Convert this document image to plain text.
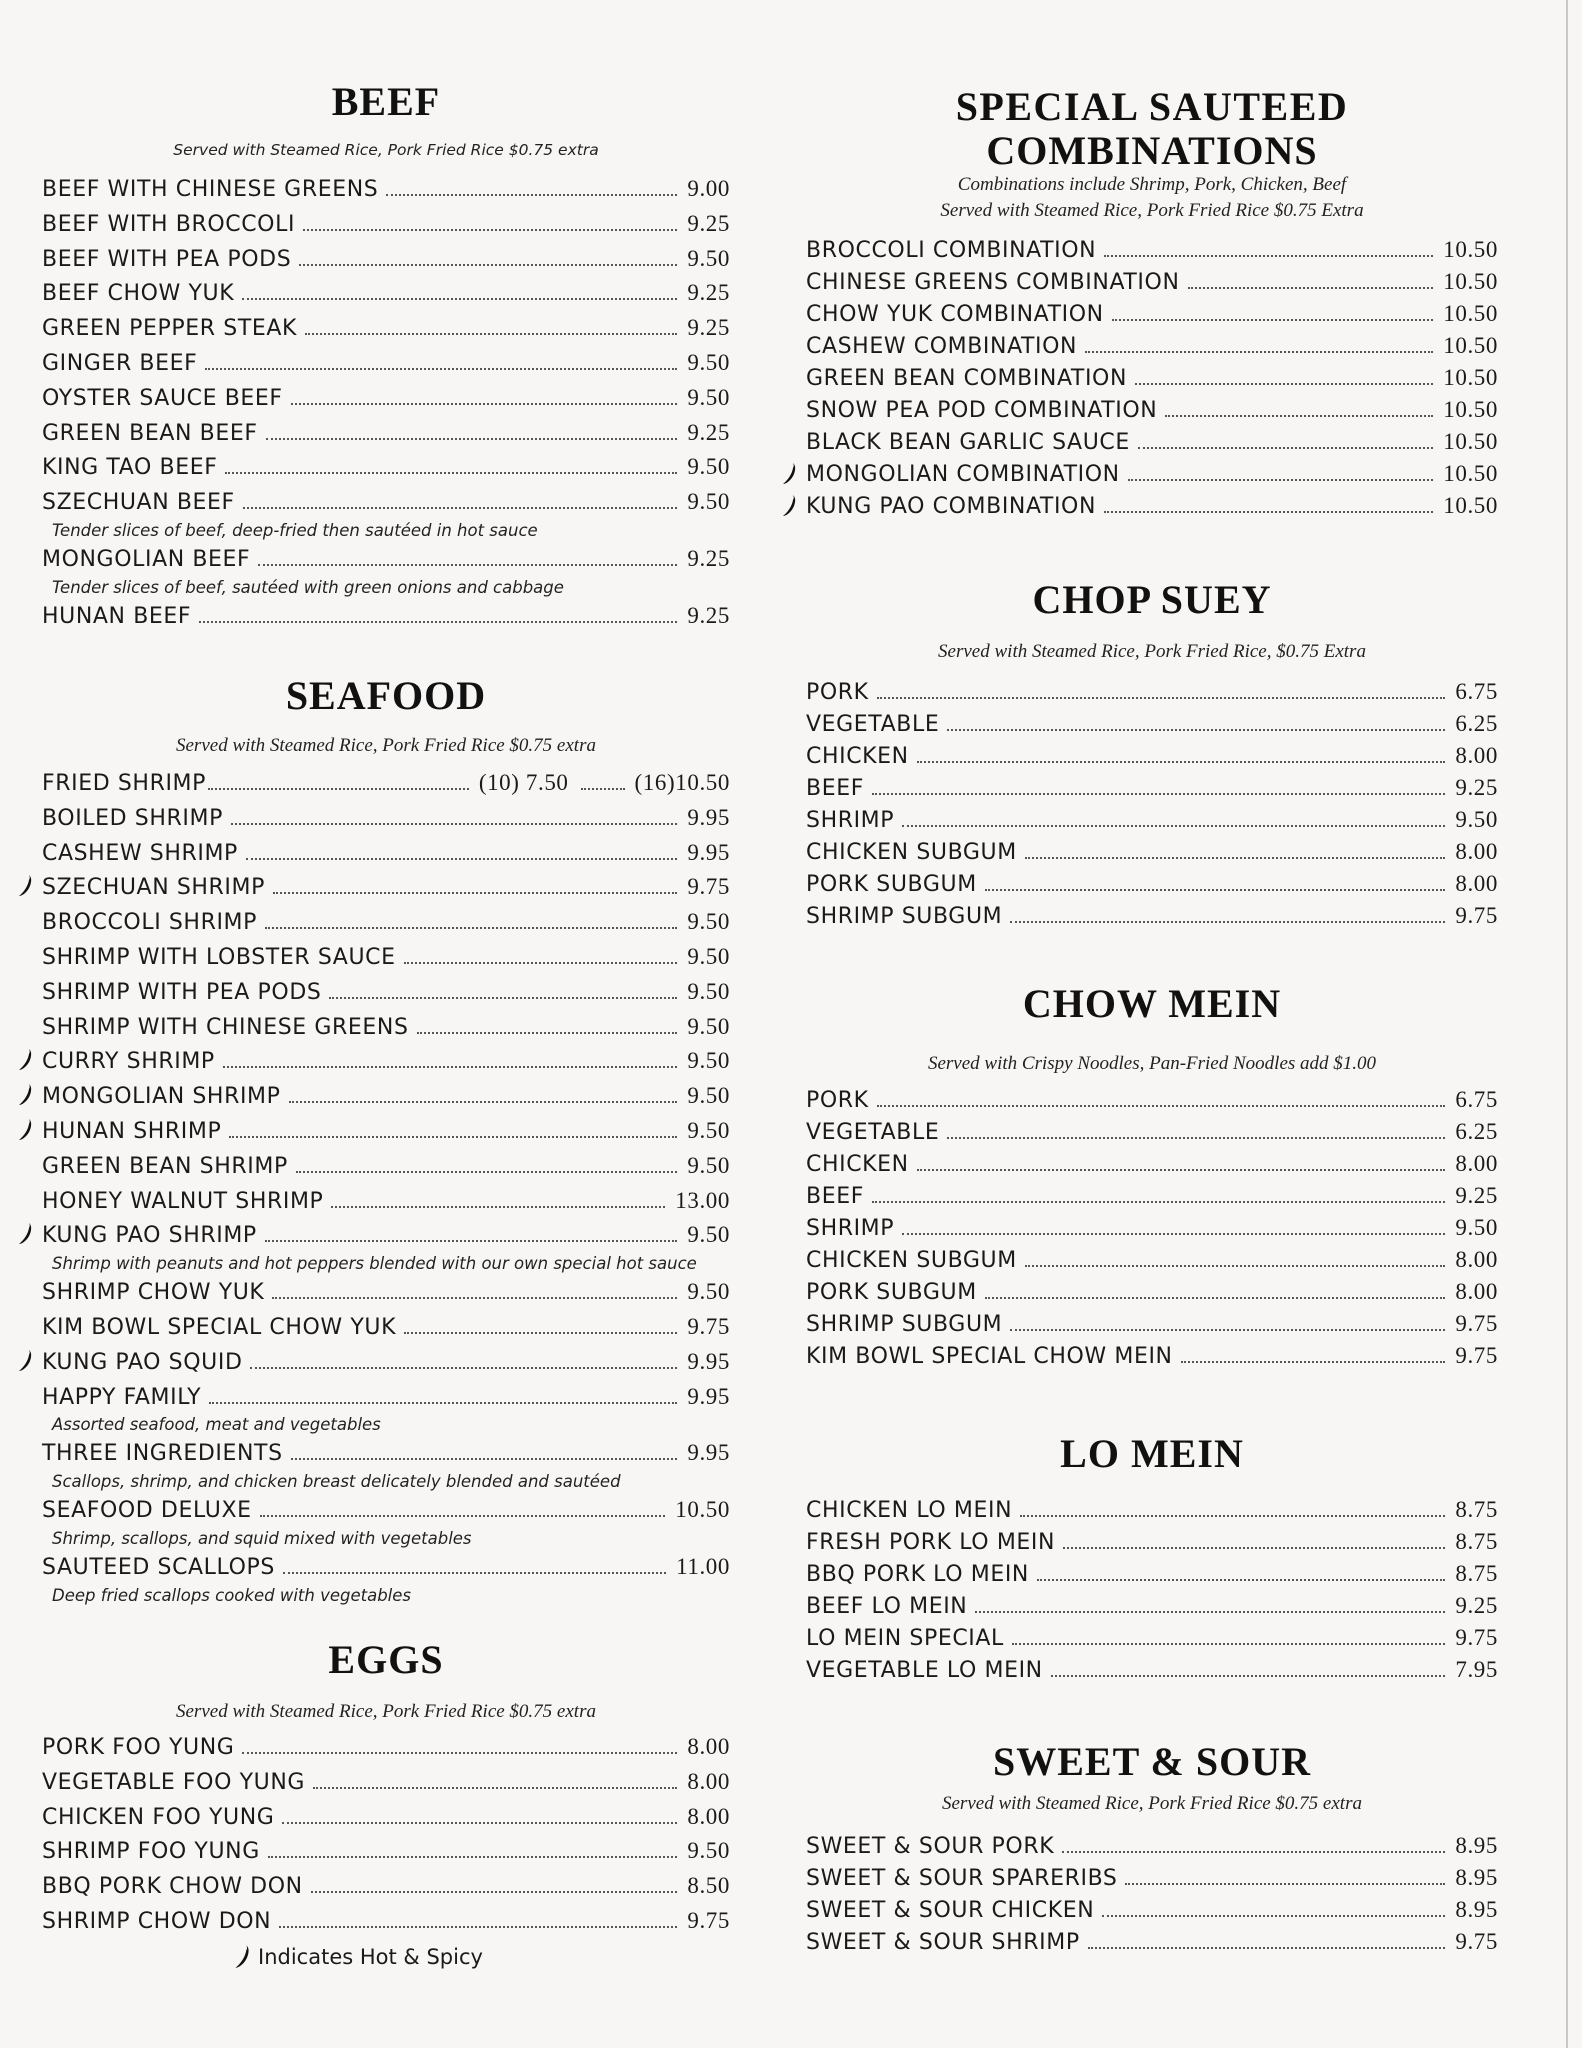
BEEF

Served with Steamed Rice, Pork Fried Rice $0.75 extra

BEEF WITH CHINESE GREENS	9.00
BEEF WITH BROCCOLI	9.25
BEEF WITH PEA PODS	9.50
BEEF CHOW YUK	9.25
GREEN PEPPER STEAK	9.25
GINGER BEEF	9.50
OYSTER SAUCE BEEF	9.50
GREEN BEAN BEEF	9.25
KING TAO BEEF	9.50
SZECHUAN BEEF	9.50
Tender slices of beef, deep-fried then sautéed in hot sauce
MONGOLIAN BEEF	9.25
Tender slices of beef, sautéed with green onions and cabbage
HUNAN BEEF	9.25
SEAFOOD

Served with Steamed Rice, Pork Fried Rice $0.75 extra

FRIED SHRIMP	(10) 7.50	(16)10.50
BOILED SHRIMP	9.95
CASHEW SHRIMP	9.95
SZECHUAN SHRIMP	9.75
BROCCOLI SHRIMP	9.50
SHRIMP WITH LOBSTER SAUCE	9.50
SHRIMP WITH PEA PODS	9.50
SHRIMP WITH CHINESE GREENS	9.50
CURRY SHRIMP	9.50
MONGOLIAN SHRIMP	9.50
HUNAN SHRIMP	9.50
GREEN BEAN SHRIMP	9.50
HONEY WALNUT SHRIMP	13.00
KUNG PAO SHRIMP	9.50
Shrimp with peanuts and hot peppers blended with our own special hot sauce
SHRIMP CHOW YUK	9.50
KIM BOWL SPECIAL CHOW YUK	9.75
KUNG PAO SQUID	9.95
HAPPY FAMILY	9.95
Assorted seafood, meat and vegetables
THREE INGREDIENTS	9.95
Scallops, shrimp, and chicken breast delicately blended and sautéed
SEAFOOD DELUXE	10.50
Shrimp, scallops, and squid mixed with vegetables
SAUTEED SCALLOPS	11.00
Deep fried scallops cooked with vegetables
EGGS

Served with Steamed Rice, Pork Fried Rice $0.75 extra

PORK FOO YUNG	8.00
VEGETABLE FOO YUNG	8.00
CHICKEN FOO YUNG	8.00
SHRIMP FOO YUNG	9.50
BBQ PORK CHOW DON	8.50
SHRIMP CHOW DON	9.75
Indicates Hot & Spicy
SPECIAL SAUTEED
COMBINATIONS

Combinations include Shrimp, Pork, Chicken, Beef

Served with Steamed Rice, Pork Fried Rice $0.75 Extra

BROCCOLI COMBINATION	10.50
CHINESE GREENS COMBINATION	10.50
CHOW YUK COMBINATION	10.50
CASHEW COMBINATION	10.50
GREEN BEAN COMBINATION	10.50
SNOW PEA POD COMBINATION	10.50
BLACK BEAN GARLIC SAUCE	10.50
MONGOLIAN COMBINATION	10.50
KUNG PAO COMBINATION	10.50
CHOP SUEY

Served with Steamed Rice, Pork Fried Rice, $0.75 Extra

PORK	6.75
VEGETABLE	6.25
CHICKEN	8.00
BEEF	9.25
SHRIMP	9.50
CHICKEN SUBGUM	8.00
PORK SUBGUM	8.00
SHRIMP SUBGUM	9.75
CHOW MEIN

Served with Crispy Noodles, Pan-Fried Noodles add $1.00

PORK	6.75
VEGETABLE	6.25
CHICKEN	8.00
BEEF	9.25
SHRIMP	9.50
CHICKEN SUBGUM	8.00
PORK SUBGUM	8.00
SHRIMP SUBGUM	9.75
KIM BOWL SPECIAL CHOW MEIN	9.75
LO MEIN
CHICKEN LO MEIN	8.75
FRESH PORK LO MEIN	8.75
BBQ PORK LO MEIN	8.75
BEEF LO MEIN	9.25
LO MEIN SPECIAL	9.75
VEGETABLE LO MEIN	7.95
SWEET & SOUR

Served with Steamed Rice, Pork Fried Rice $0.75 extra

SWEET & SOUR PORK	8.95
SWEET & SOUR SPARERIBS	8.95
SWEET & SOUR CHICKEN	8.95
SWEET & SOUR SHRIMP	9.75
